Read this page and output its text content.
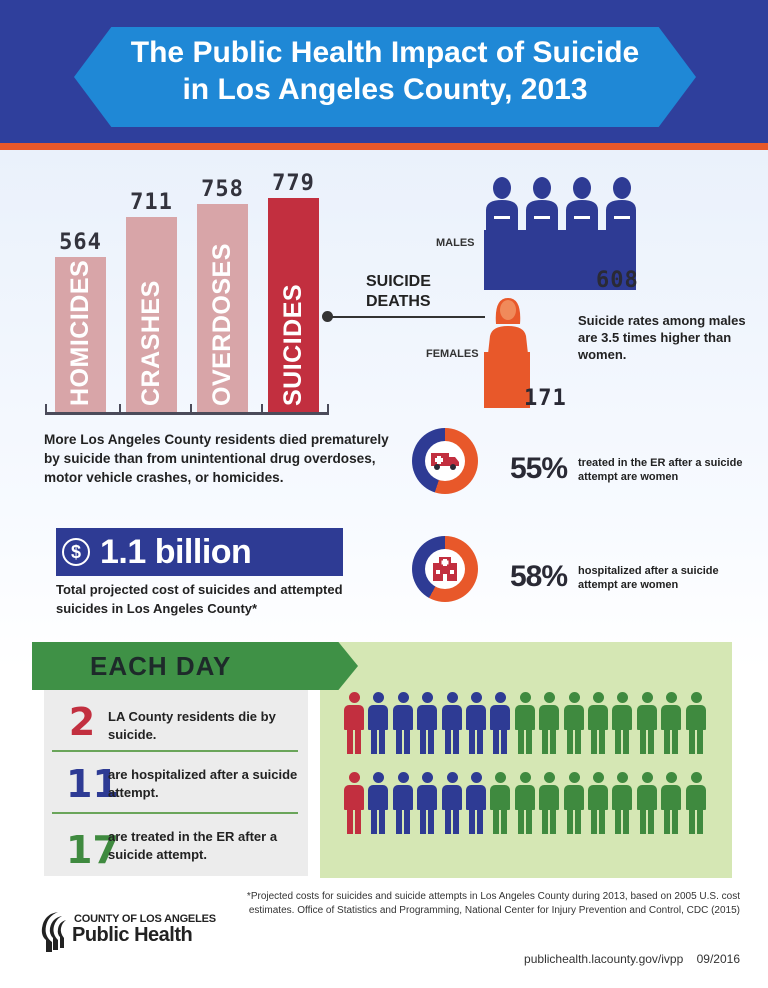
The Public Health Impact of Suicide
in Los Angeles County, 2013
HOMICIDES
564
CRASHES
711
OVERDOSES
758
SUICIDES
779
SUICIDE
DEATHS
MALES
608
FEMALES
171
Suicide rates among males are 3.5 times higher than women.
More Los Angeles County residents died prematurely by suicide than from unintentional drug overdoses, motor vehicle crashes, or homicides.	55% treated in the ER after a suicide attempt are women
58% hospitalized after a suicide attempt are women
$ 1.1 billion
Total projected cost of suicides and attempted suicides in Los Angeles County*
EACH DAY
2 LA County residents die by suicide.
11
are hospitalized after a suicide attempt.
17
are treated in the ER after a suicide attempt.
*Projected costs for suicides and suicide attempts in Los Angeles County during 2013, based on 2005 U.S. cost estimates. Office of Statistics and Programming, National Center for Injury Prevention and Control, CDC (2015)
COUNTY OF LOS ANGELES
Public Health
publichealth.lacounty.gov/ivpp 09/2016
